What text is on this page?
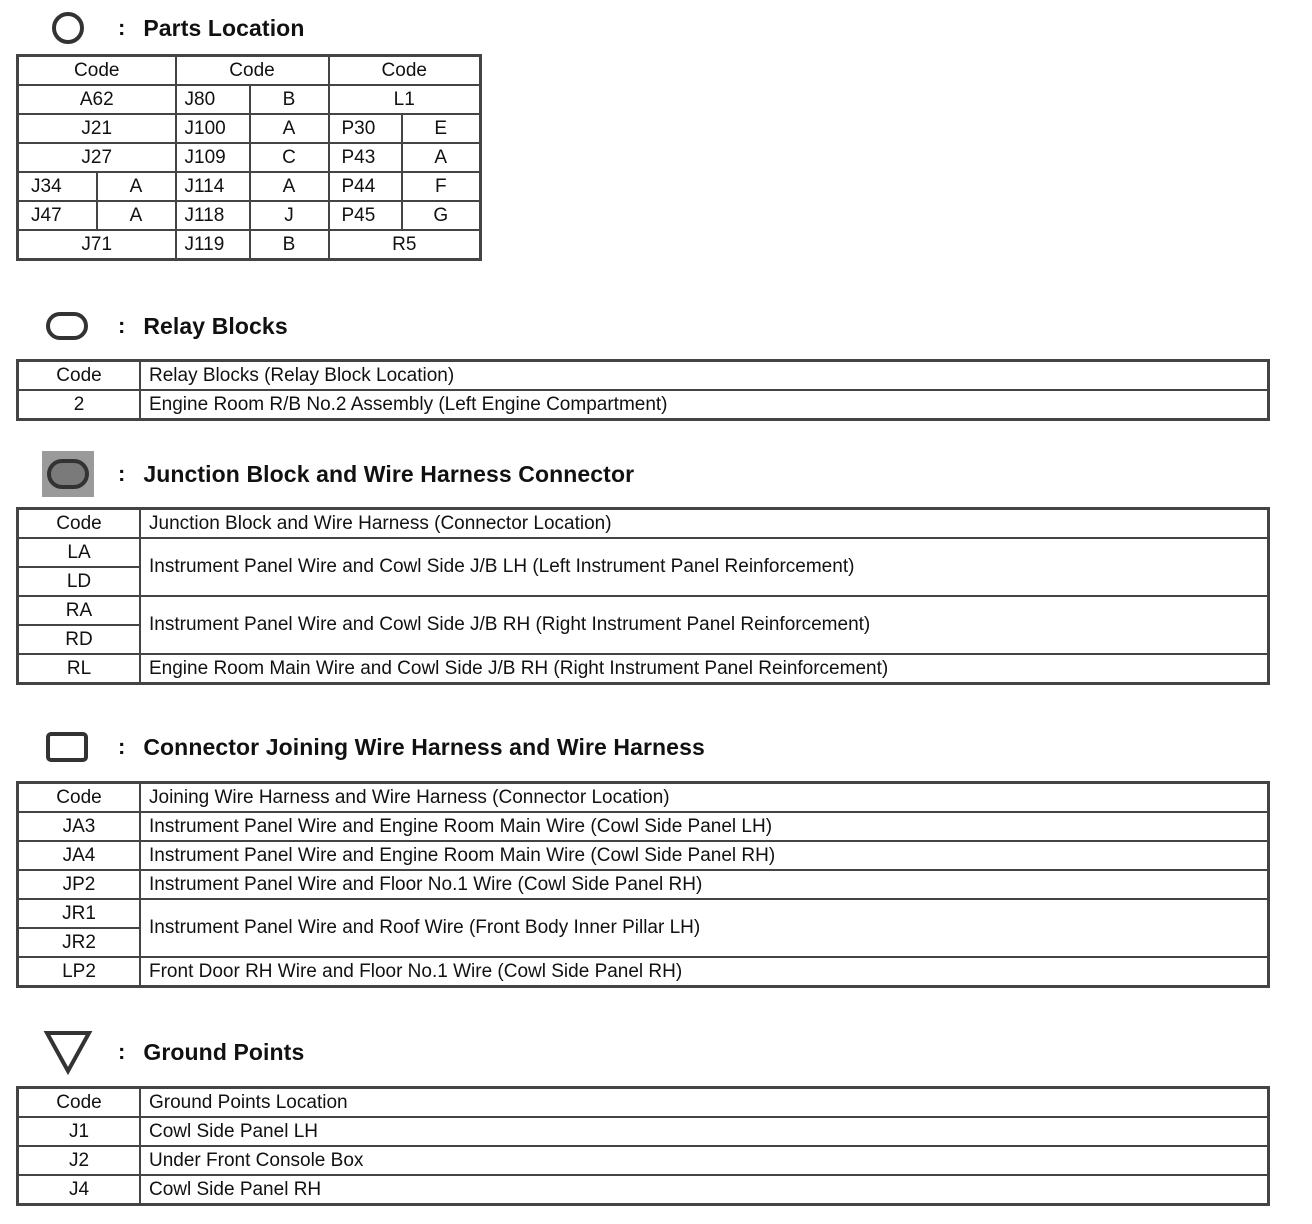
: Parts Location
Code		Code		Code	
A62		J80	B	L1	
J21		J100	A	P30	E
J27		J109	C	P43	A
J34	A	J114	A	P44	F
J47	A	J118	J	P45	G
J71		J119	B	R5	
: Relay Blocks
Code	Relay Blocks (Relay Block Location)
2	Engine Room R/B No.2 Assembly (Left Engine Compartment)
: Junction Block and Wire Harness Connector
Code	Junction Block and Wire Harness (Connector Location)
LA	Instrument Panel Wire and Cowl Side J/B LH (Left Instrument Panel Reinforcement)
LD	
RA	Instrument Panel Wire and Cowl Side J/B RH (Right Instrument Panel Reinforcement)
RD	
RL	Engine Room Main Wire and Cowl Side J/B RH (Right Instrument Panel Reinforcement)
: Connector Joining Wire Harness and Wire Harness
Code	Joining Wire Harness and Wire Harness (Connector Location)
JA3	Instrument Panel Wire and Engine Room Main Wire (Cowl Side Panel LH)
JA4	Instrument Panel Wire and Engine Room Main Wire (Cowl Side Panel RH)
JP2	Instrument Panel Wire and Floor No.1 Wire (Cowl Side Panel RH)
JR1	Instrument Panel Wire and Roof Wire (Front Body Inner Pillar LH)
JR2	
LP2	Front Door RH Wire and Floor No.1 Wire (Cowl Side Panel RH)
: Ground Points
Code	Ground Points Location
J1	Cowl Side Panel LH
J2	Under Front Console Box
J4	Cowl Side Panel RH
